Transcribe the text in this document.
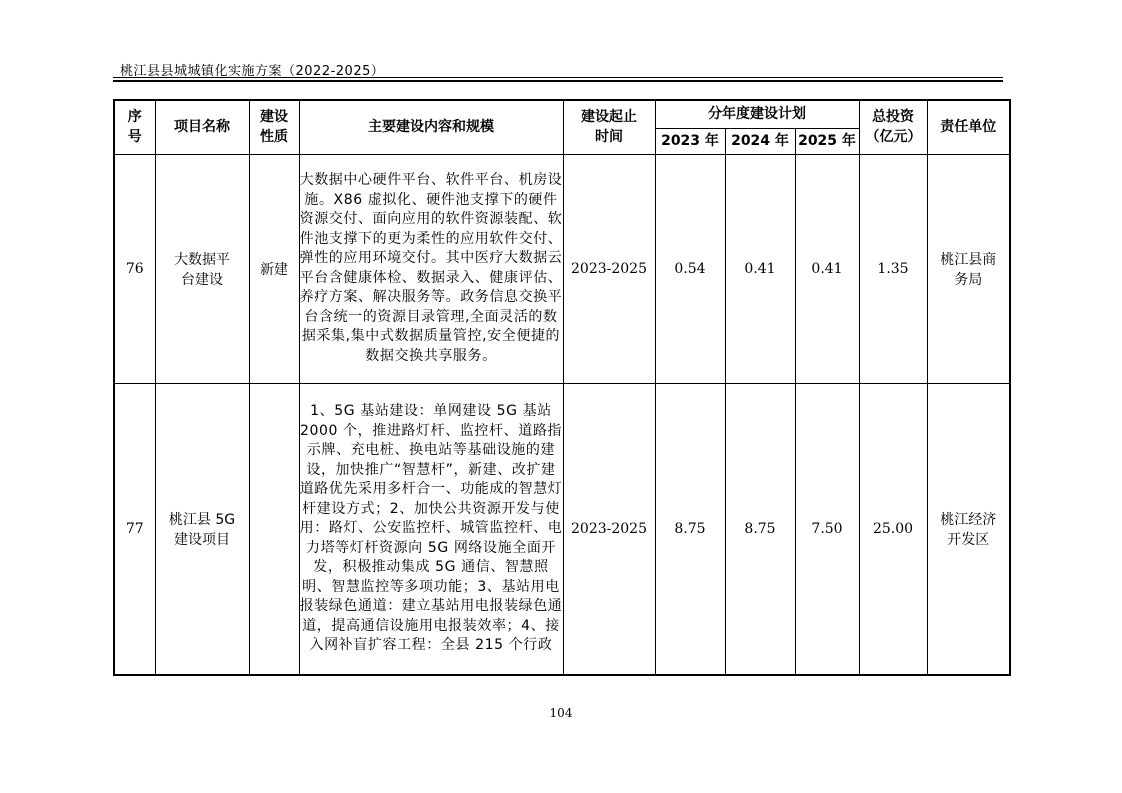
桃江县县城城镇化实施方案（2022-2025）
序号	项目名称	建设性质	主要建设内容和规模	建设起止时间	分年度建设计划			总投资（亿元）	责任单位
					2023 年	2024 年	2025 年		
76	大数据平台建设	新建	大数据中心硬件平台、软件平台、机房设施。X86 虚拟化、硬件池支撑下的硬件资源交付、面向应用的软件资源装配、软件池支撑下的更为柔性的应用软件交付、弹性的应用环境交付。其中医疗大数据云平台含健康体检、数据录入、健康评估、养疗方案、解决服务等。政务信息交换平台含统一的资源目录管理,全面灵活的数据采集,集中式数据质量管控,安全便捷的数据交换共享服务。	2023-2025	0.54	0.41	0.41	1.35	桃江县商务局
77	桃江县 5G 建设项目		1、5G 基站建设：单网建设 5G 基站 2000 个，推进路灯杆、监控杆、道路指示牌、充电桩、换电站等基础设施的建设，加快推广“智慧杆”，新建、改扩建道路优先采用多杆合一、功能成的智慧灯杆建设方式；2、加快公共资源开发与使用：路灯、公安监控杆、城管监控杆、电力塔等灯杆资源向 5G 网络设施全面开发，积极推动集成 5G 通信、智慧照明、智慧监控等多项功能；3、基站用电报装绿色通道：建立基站用电报装绿色通道，提高通信设施用电报装效率；4、接入网补盲扩容工程：全县 215 个行政	2023-2025	8.75	8.75	7.50	25.00	桃江经济开发区
104
